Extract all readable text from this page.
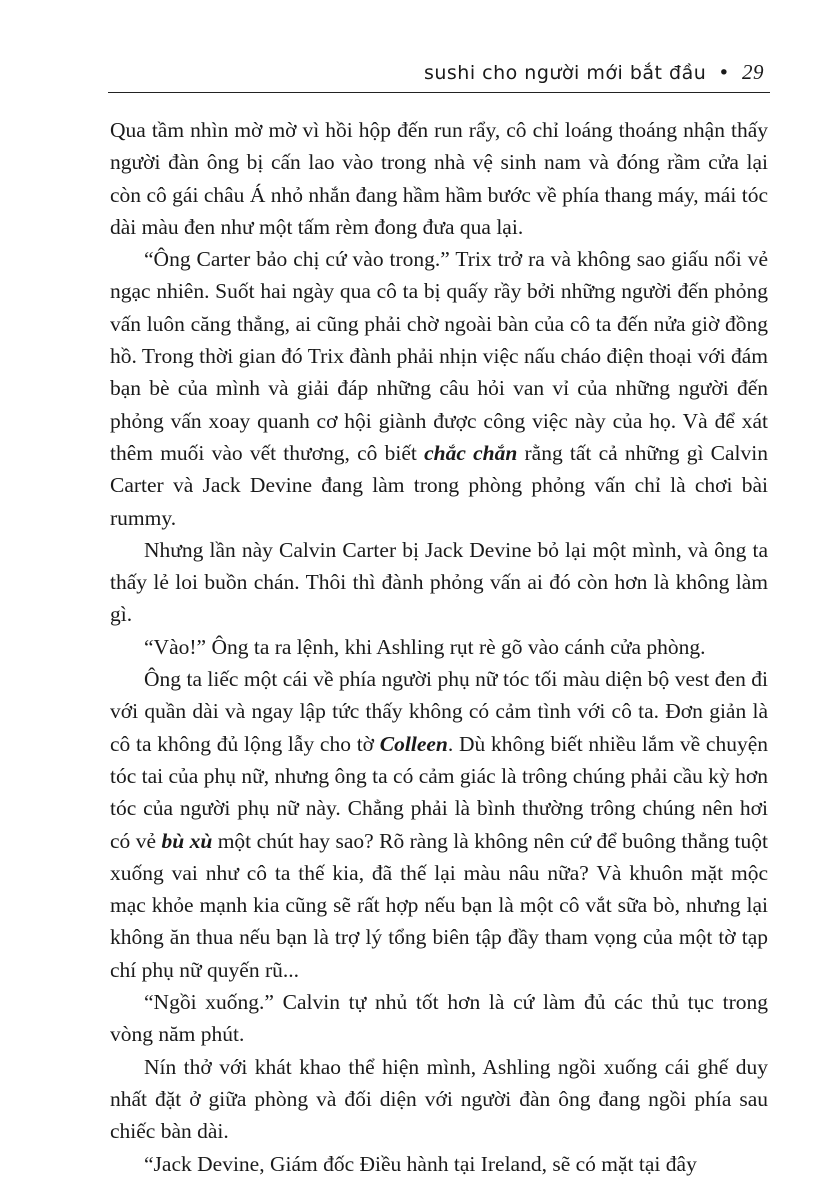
sushi cho người mới bắt đầu • 29

Qua tầm nhìn mờ mờ vì hồi hộp đến run rẩy, cô chỉ loáng thoáng nhận thấy người đàn ông bị cấn lao vào trong nhà vệ sinh nam và đóng rầm cửa lại còn cô gái châu Á nhỏ nhắn đang hầm hầm bước về phía thang máy, mái tóc dài màu đen như một tấm rèm đong đưa qua lại.

“Ông Carter bảo chị cứ vào trong.” Trix trở ra và không sao giấu nổi vẻ ngạc nhiên. Suốt hai ngày qua cô ta bị quấy rầy bởi những người đến phỏng vấn luôn căng thẳng, ai cũng phải chờ ngoài bàn của cô ta đến nửa giờ đồng hồ. Trong thời gian đó Trix đành phải nhịn việc nấu cháo điện thoại với đám bạn bè của mình và giải đáp những câu hỏi van vỉ của những người đến phỏng vấn xoay quanh cơ hội giành được công việc này của họ. Và để xát thêm muối vào vết thương, cô biết chắc chắn rằng tất cả những gì Calvin Carter và Jack Devine đang làm trong phòng phỏng vấn chỉ là chơi bài rummy.

Nhưng lần này Calvin Carter bị Jack Devine bỏ lại một mình, và ông ta thấy lẻ loi buồn chán. Thôi thì đành phỏng vấn ai đó còn hơn là không làm gì.

“Vào!” Ông ta ra lệnh, khi Ashling rụt rè gõ vào cánh cửa phòng.

Ông ta liếc một cái về phía người phụ nữ tóc tối màu diện bộ vest đen đi với quần dài và ngay lập tức thấy không có cảm tình với cô ta. Đơn giản là cô ta không đủ lộng lẫy cho tờ Colleen. Dù không biết nhiều lắm về chuyện tóc tai của phụ nữ, nhưng ông ta có cảm giác là trông chúng phải cầu kỳ hơn tóc của người phụ nữ này. Chẳng phải là bình thường trông chúng nên hơi có vẻ bù xù một chút hay sao? Rõ ràng là không nên cứ để buông thẳng tuột xuống vai như cô ta thế kia, đã thế lại màu nâu nữa? Và khuôn mặt mộc mạc khỏe mạnh kia cũng sẽ rất hợp nếu bạn là một cô vắt sữa bò, nhưng lại không ăn thua nếu bạn là trợ lý tổng biên tập đầy tham vọng của một tờ tạp chí phụ nữ quyến rũ...

“Ngồi xuống.” Calvin tự nhủ tốt hơn là cứ làm đủ các thủ tục trong vòng năm phút.

Nín thở với khát khao thể hiện mình, Ashling ngồi xuống cái ghế duy nhất đặt ở giữa phòng và đối diện với người đàn ông đang ngồi phía sau chiếc bàn dài.

“Jack Devine, Giám đốc Điều hành tại Ireland, sẽ có mặt tại đây
